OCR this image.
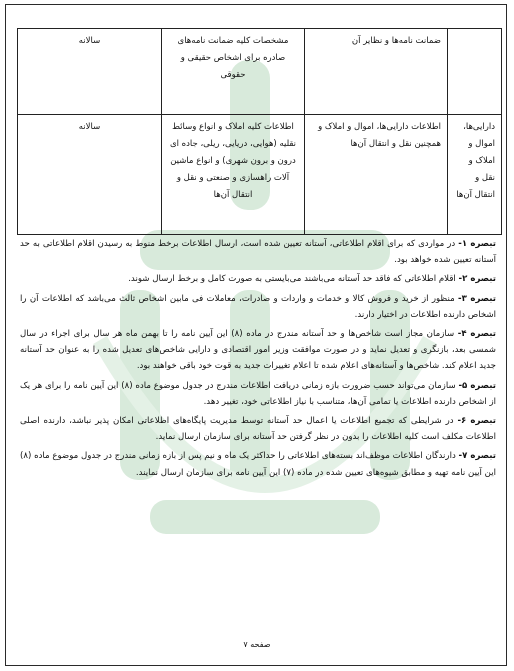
	ضمانت نامه‌ها و نظایر آن	مشخصات کلیه ضمانت نامه‌های صادره برای اشخاص حقیقی و حقوقی	سالانه
دارایی‌ها، اموال و املاک و نقل و انتقال آن‌ها	اطلاعات دارایی‌ها، اموال و املاک و همچنین نقل و انتقال آن‌ها	اطلاعات کلیه املاک و انواع وسائط نقلیه (هوایی، دریایی، ریلی، جاده ای درون و برون شهری) و انواع ماشین آلات راهسازی و صنعتی و نقل و انتقال آن‌ها	سالانه

تبصره ۱- در مواردی که برای اقلام اطلاعاتی، آستانه تعیین شده است، ارسال اطلاعات برخط منوط به رسیدن اقلام اطلاعاتی به حد آستانه تعیین شده خواهد بود.

تبصره ۲- اقلام اطلاعاتی که فاقد حد آستانه می‌باشند می‌بایستی به صورت کامل و برخط ارسال شوند.

تبصره ۳- منظور از خرید و فروش کالا و خدمات و واردات و صادرات، معاملات فی مابین اشخاص ثالث می‌باشد که اطلاعات آن را اشخاص دارنده اطلاعات در اختیار دارند.

تبصره ۴- سازمان مجاز است شاخص‌ها و حد آستانه مندرج در ماده (۸) این آیین نامه را تا بهمن ماه هر سال برای اجراء در سال شمسی بعد، بازنگری و تعدیل نماید و در صورت موافقت وزیر امور اقتصادی و دارایی شاخص‌های تعدیل شده را به عنوان حد آستانه جدید اعلام کند. شاخص‌ها و آستانه‌های اعلام شده تا اعلام تغییرات جدید به قوت خود باقی خواهند بود.

تبصره ۵- سازمان می‌تواند حسب ضرورت بازه زمانی دریافت اطلاعات مندرج در جدول موضوع ماده (۸) این آیین نامه را برای هر یک از اشخاص دارنده اطلاعات یا تمامی آن‌ها، متناسب با نیاز اطلاعاتی خود، تغییر دهد.

تبصره ۶- در شرایطی که تجمیع اطلاعات یا اعمال حد آستانه توسط مدیریت پایگاه‌های اطلاعاتی امکان پذیر نباشد، دارنده اصلی اطلاعات مکلف است کلیه اطلاعات را بدون در نظر گرفتن حد آستانه برای سازمان ارسال نماید.

تبصره ۷- دارندگان اطلاعات موظف‌اند بسته‌های اطلاعاتی را حداکثر یک ماه و نیم پس از بازه زمانی مندرج در جدول موضوع ماده (۸) این آیین نامه تهیه و مطابق شیوه‌های تعیین شده در ماده (۷) این آیین نامه برای سازمان ارسال نمایند.

صفحه ۷
